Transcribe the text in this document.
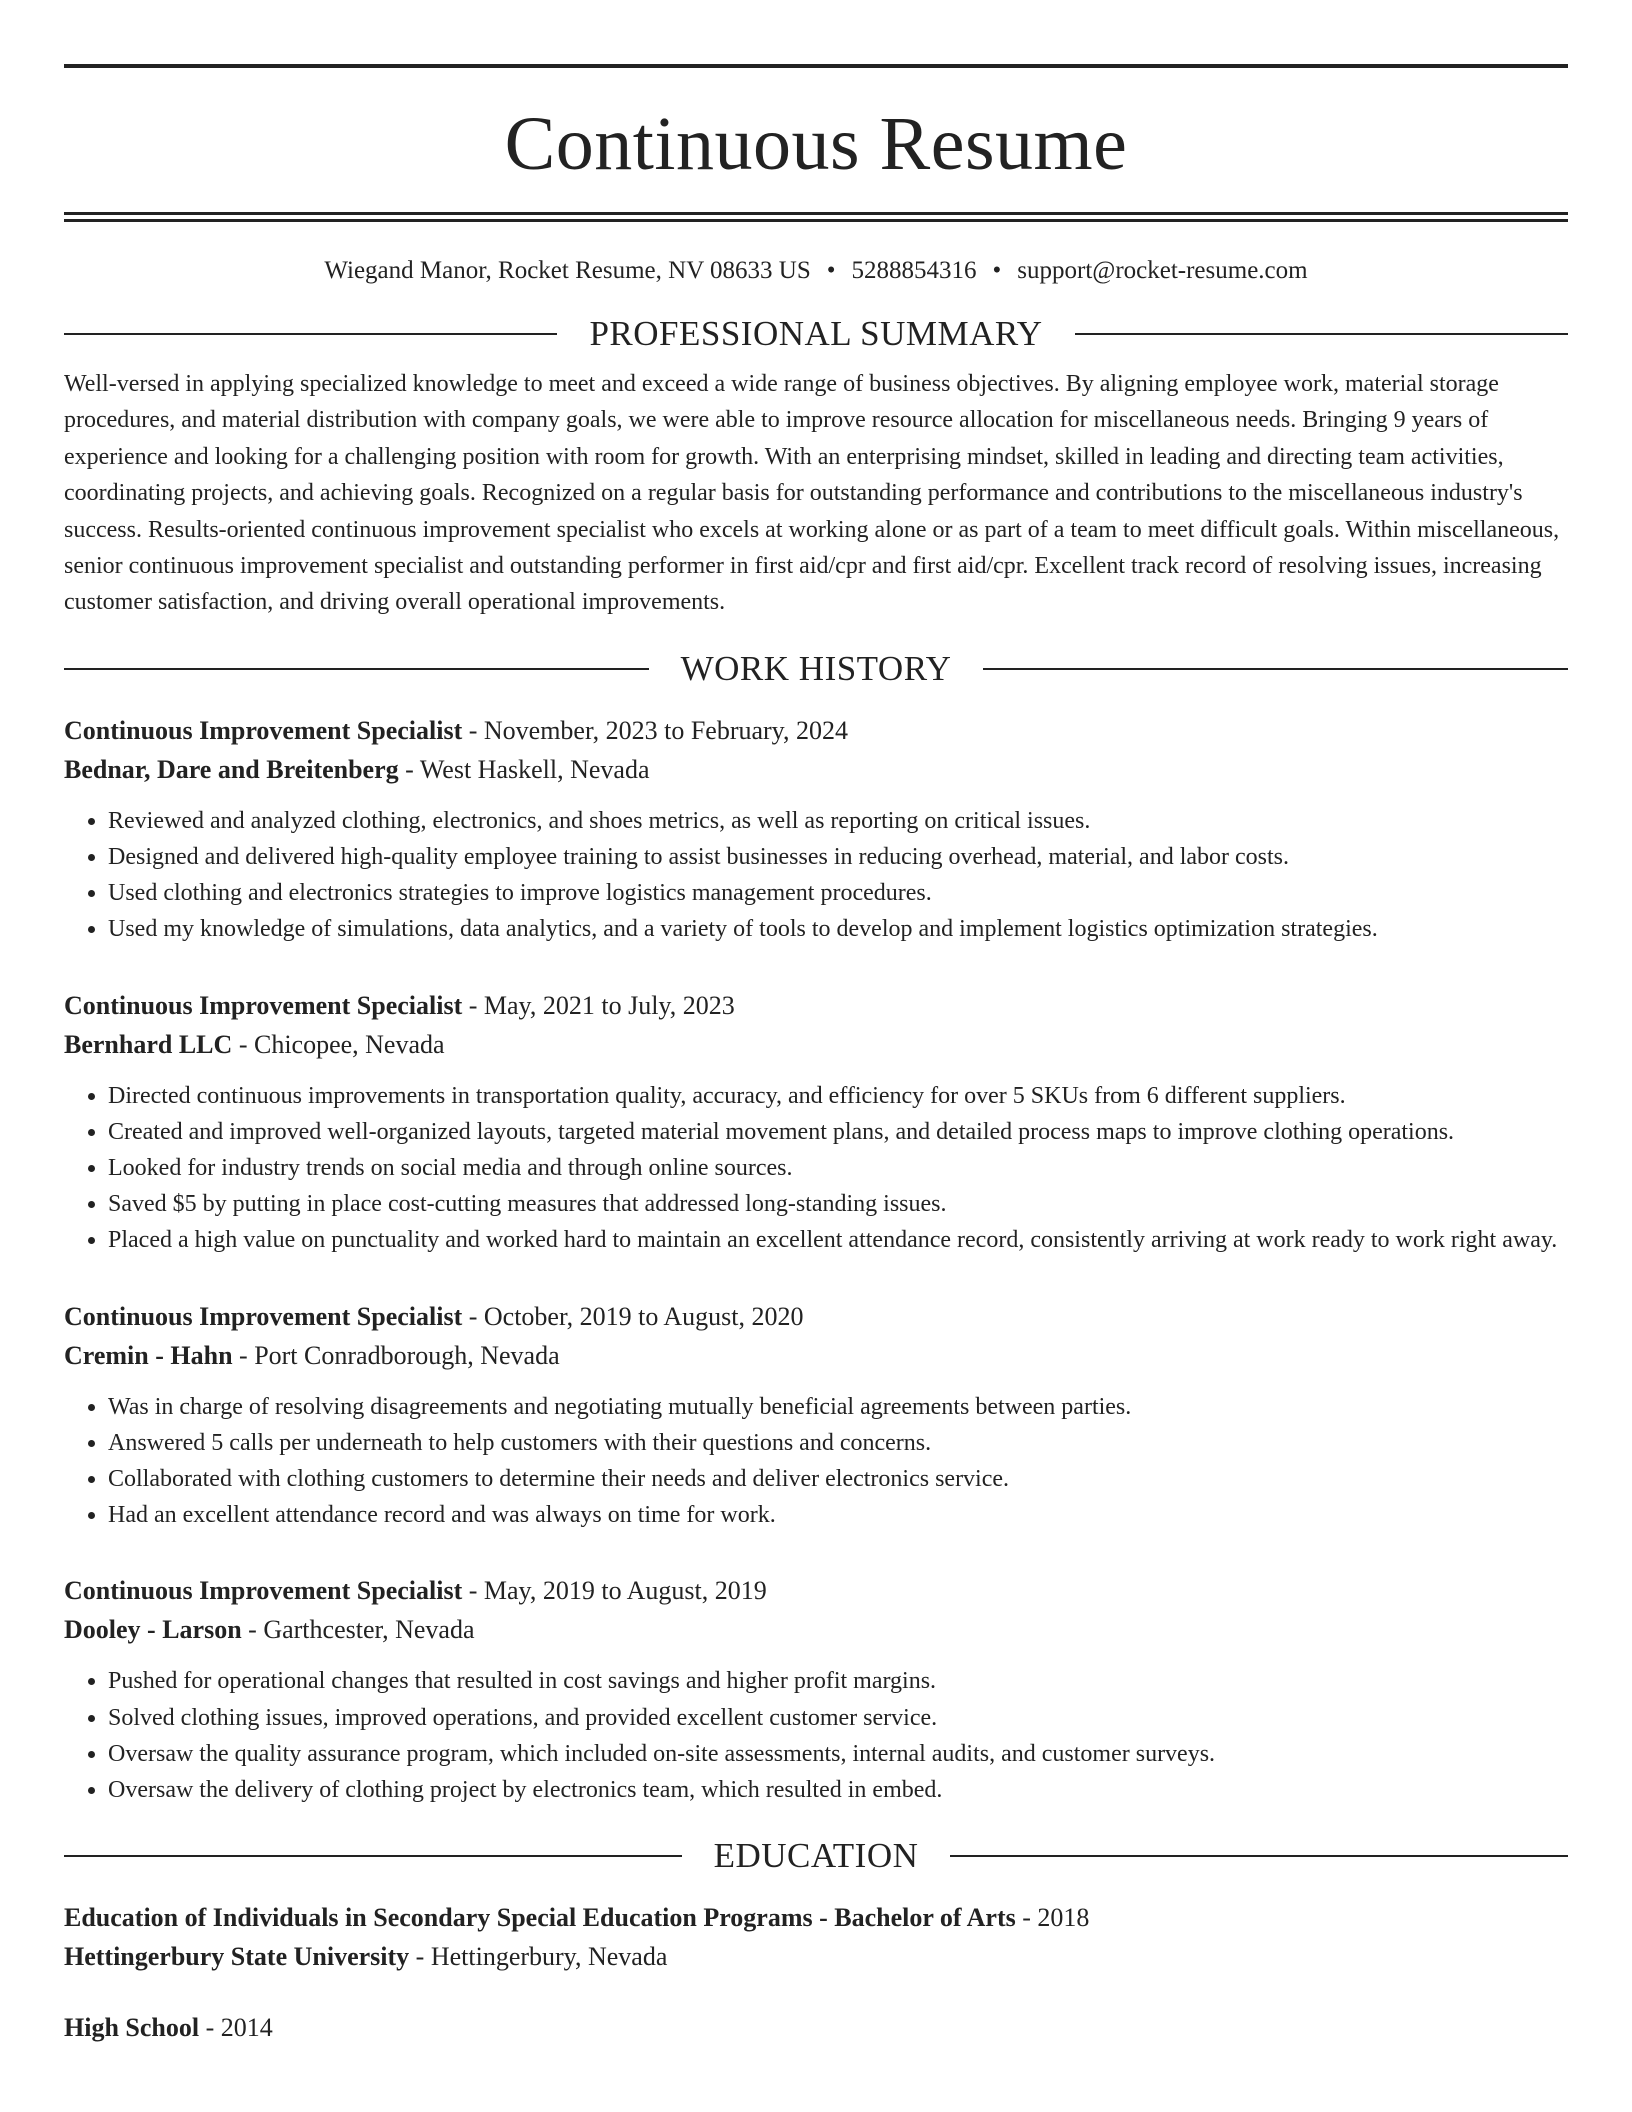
Continuous Resume
Wiegand Manor, Rocket Resume, NV 08633 US • 5288854316 • support@rocket-resume.com
PROFESSIONAL SUMMARY
Well-versed in applying specialized knowledge to meet and exceed a wide range of business objectives. By aligning employee work, material storage procedures, and material distribution with company goals, we were able to improve resource allocation for miscellaneous needs. Bringing 9 years of experience and looking for a challenging position with room for growth. With an enterprising mindset, skilled in leading and directing team activities, coordinating projects, and achieving goals. Recognized on a regular basis for outstanding performance and contributions to the miscellaneous industry's success. Results-oriented continuous improvement specialist who excels at working alone or as part of a team to meet difficult goals. Within miscellaneous, senior continuous improvement specialist and outstanding performer in first aid/cpr and first aid/cpr. Excellent track record of resolving issues, increasing customer satisfaction, and driving overall operational improvements.
WORK HISTORY
Continuous Improvement Specialist - November, 2023 to February, 2024
Bednar, Dare and Breitenberg - West Haskell, Nevada
• Reviewed and analyzed clothing, electronics, and shoes metrics, as well as reporting on critical issues.
• Designed and delivered high-quality employee training to assist businesses in reducing overhead, material, and labor costs.
• Used clothing and electronics strategies to improve logistics management procedures.
• Used my knowledge of simulations, data analytics, and a variety of tools to develop and implement logistics optimization strategies.
Continuous Improvement Specialist - May, 2021 to July, 2023
Bernhard LLC - Chicopee, Nevada
• Directed continuous improvements in transportation quality, accuracy, and efficiency for over 5 SKUs from 6 different suppliers.
• Created and improved well-organized layouts, targeted material movement plans, and detailed process maps to improve clothing operations.
• Looked for industry trends on social media and through online sources.
• Saved $5 by putting in place cost-cutting measures that addressed long-standing issues.
• Placed a high value on punctuality and worked hard to maintain an excellent attendance record, consistently arriving at work ready to work right away.
Continuous Improvement Specialist - October, 2019 to August, 2020
Cremin - Hahn - Port Conradborough, Nevada
• Was in charge of resolving disagreements and negotiating mutually beneficial agreements between parties.
• Answered 5 calls per underneath to help customers with their questions and concerns.
• Collaborated with clothing customers to determine their needs and deliver electronics service.
• Had an excellent attendance record and was always on time for work.
Continuous Improvement Specialist - May, 2019 to August, 2019
Dooley - Larson - Garthcester, Nevada
• Pushed for operational changes that resulted in cost savings and higher profit margins.
• Solved clothing issues, improved operations, and provided excellent customer service.
• Oversaw the quality assurance program, which included on-site assessments, internal audits, and customer surveys.
• Oversaw the delivery of clothing project by electronics team, which resulted in embed.
EDUCATION
Education of Individuals in Secondary Special Education Programs - Bachelor of Arts - 2018
Hettingerbury State University - Hettingerbury, Nevada
High School - 2014
